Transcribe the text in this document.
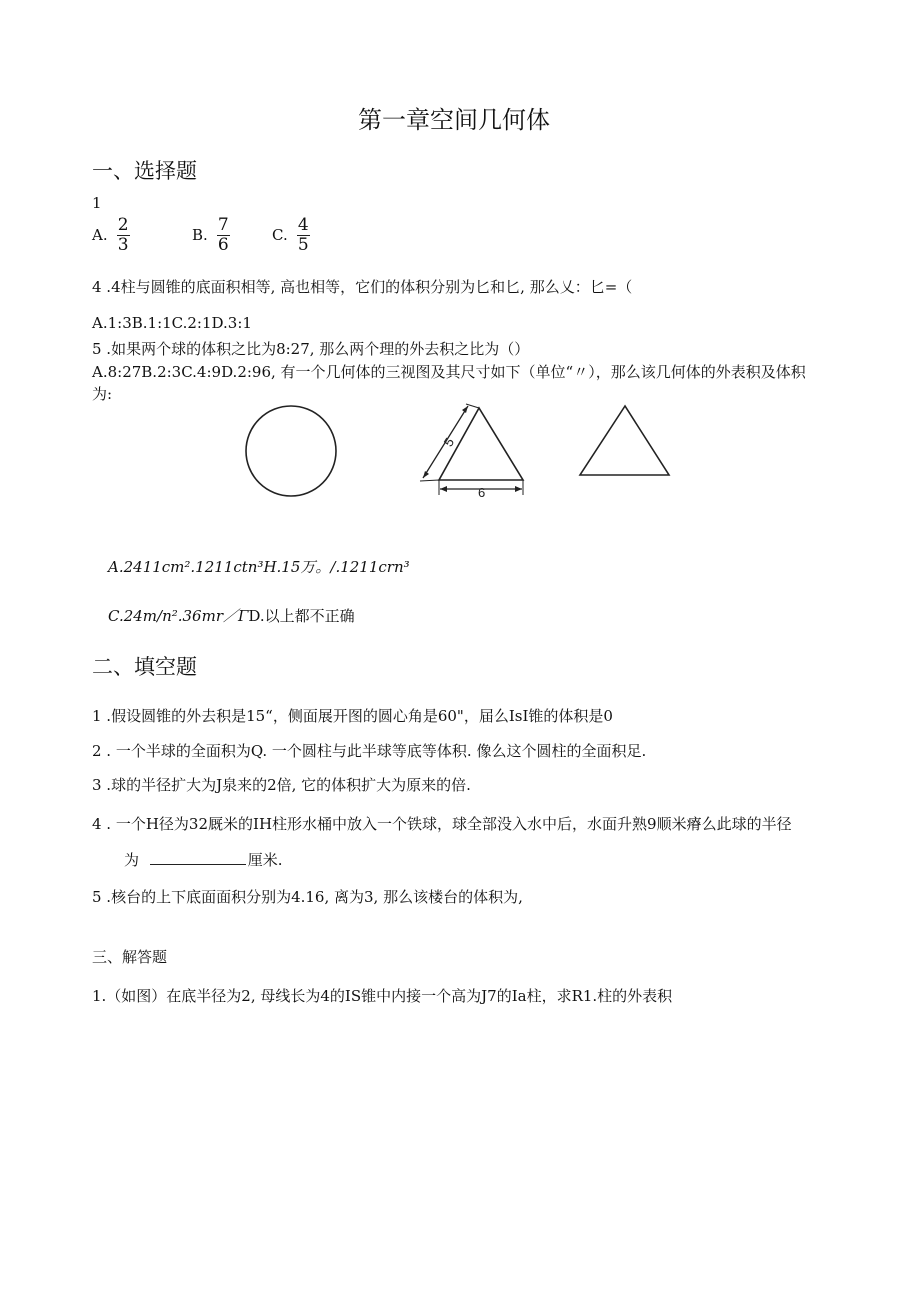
第一章空间几何体
一、选择题
1
A. $\frac{2}{3}$	B. $\frac{7}{6}$	C. $\frac{4}{5}$
4 .4柱与圆锥的底面积相等, 高也相等，它们的体积分别为匕和匕, 那么乂：匕=（
A.1:3B.1:1C.2:1D.3:1
5 .如果两个球的体积之比为8:27, 那么两个理的外去积之比为（）
A.8:27B.2:3C.4:9D.2:96, 有一个几何体的三视图及其尺寸如下（单位“〃），那么该几何体的外表积及体积
为:
5
6
A.2411cm².1211ctn³H.15万。/.1211crn³
C.24m/n².36mr／ΓD.以上都不正确
二、填空题
1 .假设圆锥的外去积是15“，侧面展开图的圆心角是60"，届么IsI锥的体积是0
2 . 一个半球的全面积为Q. 一个圆柱与此半球等底等体积. 像么这个圆柱的全面积足.
3 .球的半径扩大为J泉来的2倍, 它的体积扩大为原来的倍.
4 . 一个H径为32厩米的IH柱形水桶中放入一个铁球，球全部没入水中后，水面升熟9顺米瘠么此球的半径
为	厘米.
5 .核台的上下底面面积分别为4.16, 离为3, 那么该楼台的体积为,
三、解答题
1.（如图）在底半径为2, 母线长为4的IS锥中内接一个高为J7的Ia柱，求R1.柱的外表积
